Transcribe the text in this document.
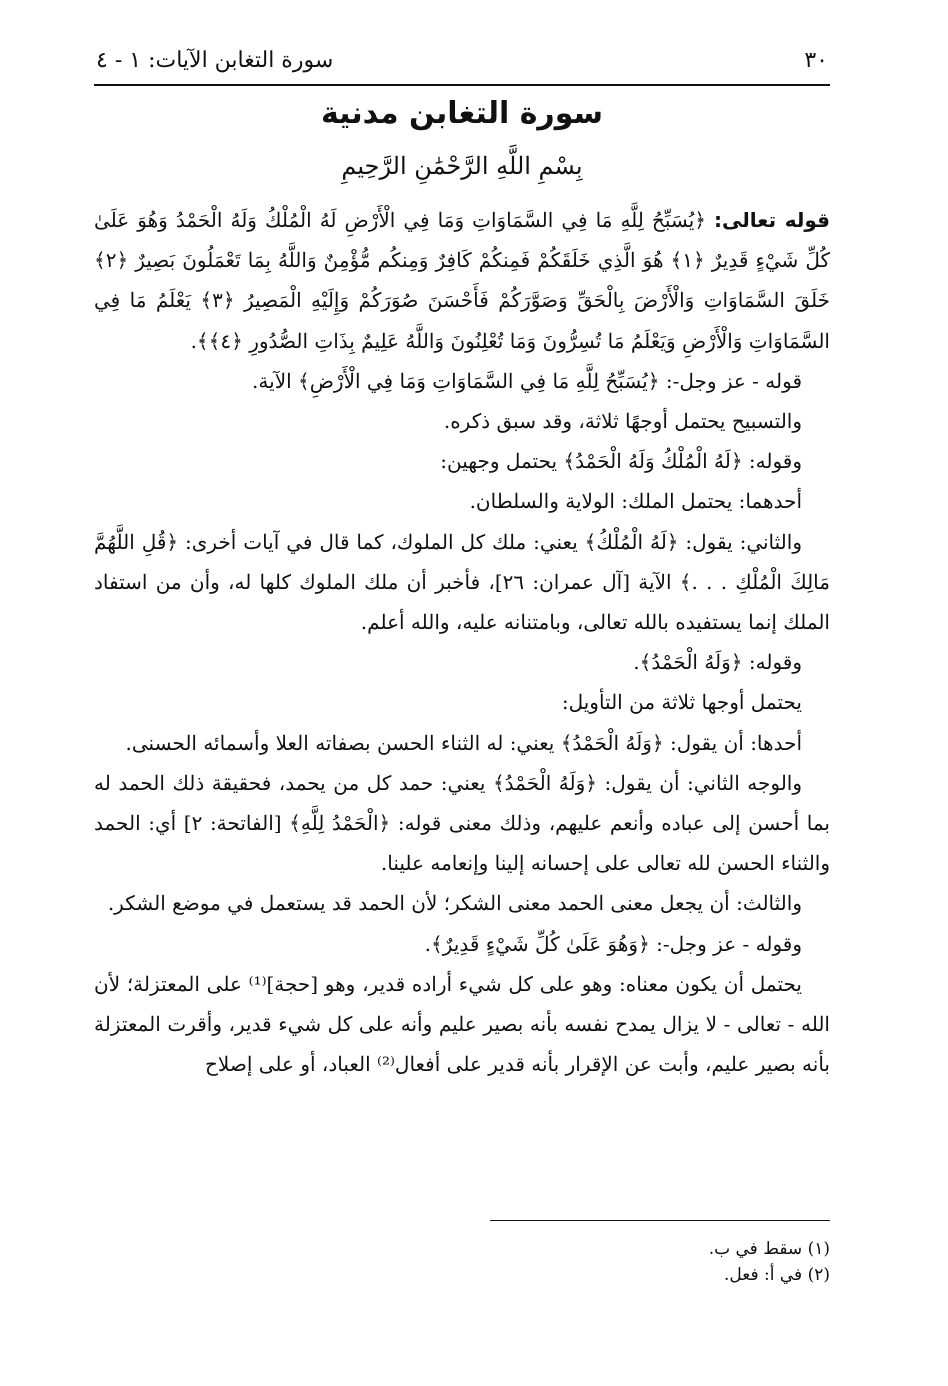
٣٠
سورة التغابن الآيات: ١ - ٤
سورة التغابن مدنية
بِسْمِ اللَّهِ الرَّحْمَٰنِ الرَّحِيمِ

قوله تعالى: ﴿يُسَبِّحُ لِلَّهِ مَا فِي السَّمَاوَاتِ وَمَا فِي الْأَرْضِ لَهُ الْمُلْكُ وَلَهُ الْحَمْدُ وَهُوَ عَلَىٰ كُلِّ شَيْءٍ قَدِيرٌ ﴿١﴾ هُوَ الَّذِي خَلَقَكُمْ فَمِنكُمْ كَافِرٌ وَمِنكُم مُّؤْمِنٌ وَاللَّهُ بِمَا تَعْمَلُونَ بَصِيرٌ ﴿٢﴾ خَلَقَ السَّمَاوَاتِ وَالْأَرْضَ بِالْحَقِّ وَصَوَّرَكُمْ فَأَحْسَنَ صُوَرَكُمْ وَإِلَيْهِ الْمَصِيرُ ﴿٣﴾ يَعْلَمُ مَا فِي السَّمَاوَاتِ وَالْأَرْضِ وَيَعْلَمُ مَا تُسِرُّونَ وَمَا تُعْلِنُونَ وَاللَّهُ عَلِيمٌ بِذَاتِ الصُّدُورِ ﴿٤﴾﴾.

قوله - عز وجل-: ﴿يُسَبِّحُ لِلَّهِ مَا فِي السَّمَاوَاتِ وَمَا فِي الْأَرْضِ﴾ الآية.

والتسبيح يحتمل أوجهًا ثلاثة، وقد سبق ذكره.

وقوله: ﴿لَهُ الْمُلْكُ وَلَهُ الْحَمْدُ﴾ يحتمل وجهين:

أحدهما: يحتمل الملك: الولاية والسلطان.

والثاني: يقول: ﴿لَهُ الْمُلْكُ﴾ يعني: ملك كل الملوك، كما قال في آيات أخرى: ﴿قُلِ اللَّهُمَّ مَالِكَ الْمُلْكِ . . .﴾ الآية [آل عمران: ٢٦]، فأخبر أن ملك الملوك كلها له، وأن من استفاد الملك إنما يستفيده بالله تعالى، وبامتنانه عليه، والله أعلم.

وقوله: ﴿وَلَهُ الْحَمْدُ﴾.

يحتمل أوجها ثلاثة من التأويل:

أحدها: أن يقول: ﴿وَلَهُ الْحَمْدُ﴾ يعني: له الثناء الحسن بصفاته العلا وأسمائه الحسنى.

والوجه الثاني: أن يقول: ﴿وَلَهُ الْحَمْدُ﴾ يعني: حمد كل من يحمد، فحقيقة ذلك الحمد له بما أحسن إلى عباده وأنعم عليهم، وذلك معنى قوله: ﴿الْحَمْدُ لِلَّهِ﴾ [الفاتحة: ٢] أي: الحمد والثناء الحسن لله تعالى على إحسانه إلينا وإنعامه علينا.

والثالث: أن يجعل معنى الحمد معنى الشكر؛ لأن الحمد قد يستعمل في موضع الشكر.

وقوله - عز وجل-: ﴿وَهُوَ عَلَىٰ كُلِّ شَيْءٍ قَدِيرٌ﴾.

يحتمل أن يكون معناه: وهو على كل شيء أراده قدير، وهو [حجة]⁽¹⁾ على المعتزلة؛ لأن الله - تعالى - لا يزال يمدح نفسه بأنه بصير عليم وأنه على كل شيء قدير، وأقرت المعتزلة بأنه بصير عليم، وأبت عن الإقرار بأنه قدير على أفعال⁽²⁾ العباد، أو على إصلاح

(١) سقط في ب.
(٢) في أ: فعل.
